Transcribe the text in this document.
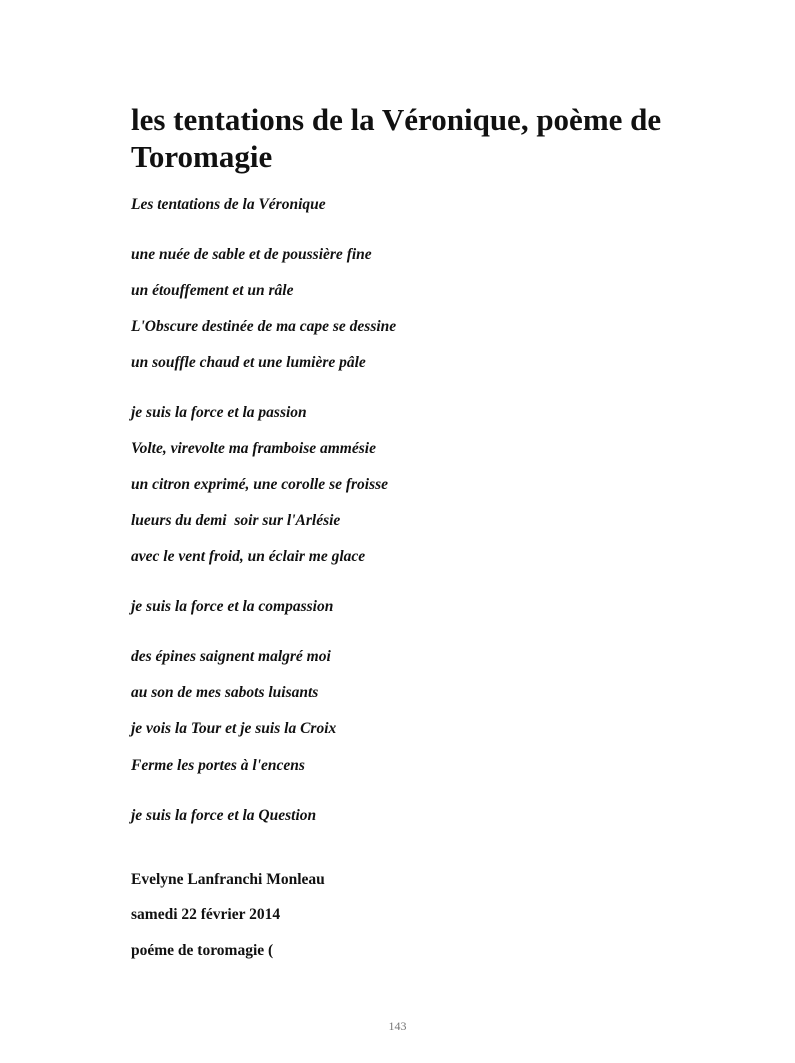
les tentations de la Véronique, poème de Toromagie

Les tentations de la Véronique

une nuée de sable et de poussière fine

un étouffement et un râle

L'Obscure destinée de ma cape se dessine

un souffle chaud et une lumière pâle

je suis la force et la passion

Volte, virevolte ma framboise ammésie

un citron exprimé, une corolle se froisse

lueurs du demi  soir sur l'Arlésie

avec le vent froid, un éclair me glace

je suis la force et la compassion

des épines saignent malgré moi

au son de mes sabots luisants

je vois la Tour et je suis la Croix

Ferme les portes à l'encens

je suis la force et la Question

Evelyne Lanfranchi Monleau

samedi 22 février 2014

poéme de toromagie (

143
